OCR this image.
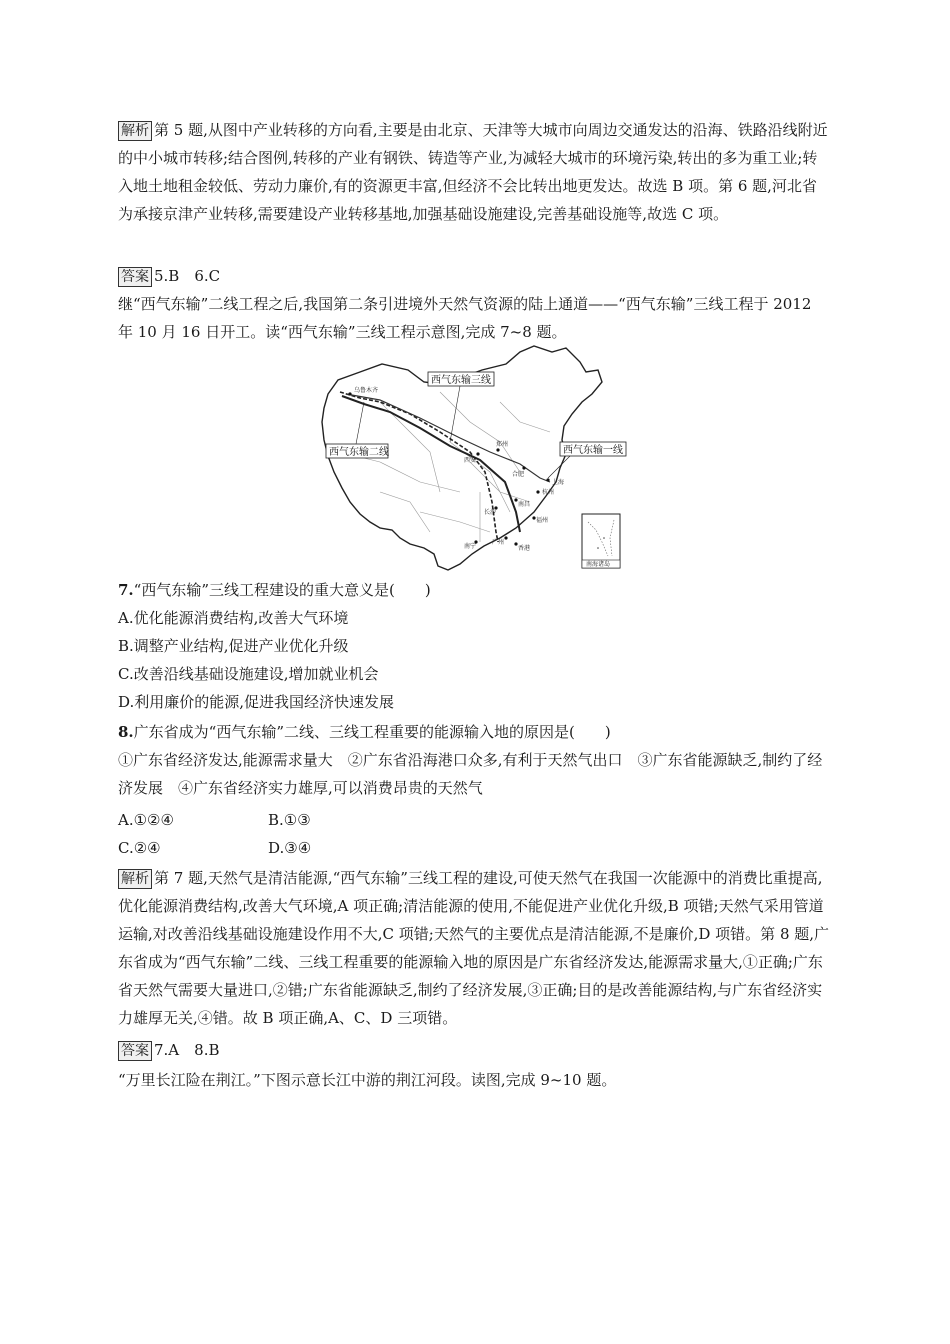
解析 第 5 题,从图中产业转移的方向看,主要是由北京、天津等大城市向周边交通发达的沿海、铁路沿线附近的中小城市转移;结合图例,转移的产业有钢铁、铸造等产业,为减轻大城市的环境污染,转出的多为重工业;转入地土地租金较低、劳动力廉价,有的资源更丰富,但经济不会比转出地更发达。故选 B 项。第 6 题,河北省为承接京津产业转移,需要建设产业转移基地,加强基础设施建设,完善基础设施等,故选 C 项。

答案 5.B　6.C

继“西气东输”二线工程之后,我国第二条引进境外天然气资源的陆上通道——“西气东输”三线工程于 2012 年 10 月 16 日开工。读“西气东输”三线工程示意图,完成 7~8 题。

乌鲁木齐
西安
郑州
合肥
上海
杭州
长沙
南昌
福州
广州
南宁	香港
西气东输三线
西气东输二线	西气东输一线
南海诸岛

7.“西气东输”三线工程建设的重大意义是(　　)

A.优化能源消费结构,改善大气环境
B.调整产业结构,促进产业优化升级
C.改善沿线基础设施建设,增加就业机会
D.利用廉价的能源,促进我国经济快速发展

8.广东省成为“西气东输”二线、三线工程重要的能源输入地的原因是(　　)

①广东省经济发达,能源需求量大　②广东省沿海港口众多,有利于天然气出口　③广东省能源缺乏,制约了经济发展　④广东省经济实力雄厚,可以消费昂贵的天然气

A.①②④	B.①③
C.②④	D.③④

解析 第 7 题,天然气是清洁能源,“西气东输”三线工程的建设,可使天然气在我国一次能源中的消费比重提高,优化能源消费结构,改善大气环境,A 项正确;清洁能源的使用,不能促进产业优化升级,B 项错;天然气采用管道运输,对改善沿线基础设施建设作用不大,C 项错;天然气的主要优点是清洁能源,不是廉价,D 项错。第 8 题,广东省成为“西气东输”二线、三线工程重要的能源输入地的原因是广东省经济发达,能源需求量大,①正确;广东省天然气需要大量进口,②错;广东省能源缺乏,制约了经济发展,③正确;目的是改善能源结构,与广东省经济实力雄厚无关,④错。故 B 项正确,A、C、D 三项错。

答案 7.A　8.B

“万里长江险在荆江。”下图示意长江中游的荆江河段。读图,完成 9~10 题。
